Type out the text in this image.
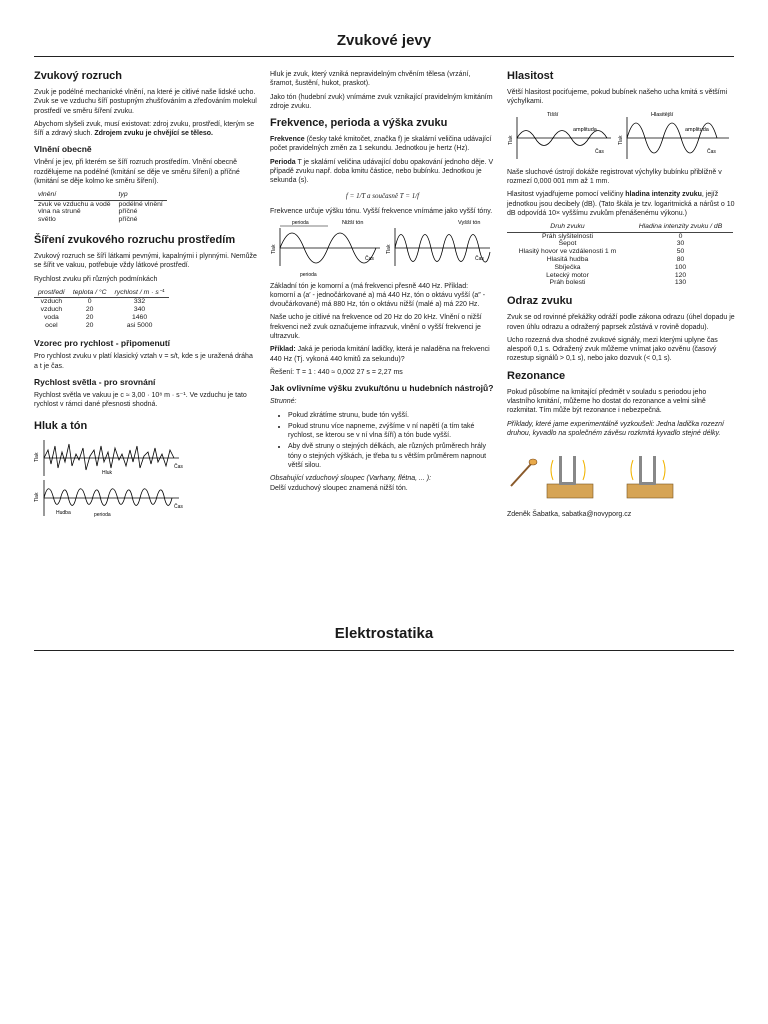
Zvukové jevy
Zvukový rozruch

Zvuk je podélné mechanické vlnění, na které je citlivé naše lidské ucho. Zvuk se ve vzduchu šíří postupným zhušťováním a zřeďováním molekul prostředí ve směru šíření zvuku.

Abychom slyšeli zvuk, musí existovat: zdroj zvuku, prostředí, kterým se šíří a zdravý sluch. Zdrojem zvuku je chvějící se těleso.

Vlnění obecně

Vlnění je jev, při kterém se šíří rozruch prostředím. Vlnění obecně rozdělujeme na podélné (kmitání se děje ve směru šíření) a příčné (kmitání se děje kolmo ke směru šíření).

vlnění	typ
zvuk ve vzduchu a vodě	podélné vlnění
vlna na struně	příčné
světlo	příčné
Šíření zvukového rozruchu prostředím

Zvukový rozruch se šíří látkami pevnými, kapalnými i plynnými. Nemůže se šířit ve vakuu, potřebuje vždy látkové prostředí.

Rychlost zvuku při různých podmínkách

prostředí	teplota / °C	rychlost / m · s⁻¹
vzduch	0	332
vzduch	20	340
voda	20	1460
ocel	20	asi 5000
Vzorec pro rychlost - připomenutí

Pro rychlost zvuku v platí klasický vztah v = s/t, kde s je uražená dráha a t je čas.

Rychlost světla - pro srovnání

Rychlost světla ve vakuu je c ≈ 3,00 · 10⁸ m · s⁻¹. Ve vzduchu je tato rychlost v rámci dané přesnosti shodná.

Hluk a tón
Tlak
Čas
Hluk
Tlak
Čas
Hudba	perioda

Hluk je zvuk, který vzniká nepravidelným chvěním tělesa (vrzání, šramot, šustění, hukot, praskot).

Jako tón (hudební zvuk) vnímáme zvuk vznikající pravidelným kmitáním zdroje zvuku.

Frekvence, perioda a výška zvuku

Frekvence (česky také kmitočet, značka f) je skalární veličina udávající počet pravidelných změn za 1 sekundu. Jednotkou je hertz (Hz).

Perioda T je skalární veličina udávající dobu opakování jednoho děje. V případě zvuku např. doba kmitu částice, nebo bubínku. Jednotkou je sekunda (s).

f = 1/T a současně T = 1/f

Frekvence určuje výšku tónu. Vyšší frekvence vnímáme jako vyšší tóny.

perioda	Nižší tón
Tlak
Čas
perioda
Vyšší tón
Tlak
Čas

Základní tón je komorní a (má frekvenci přesně 440 Hz. Příklad: komorní a (a′ - jednočárkované a) má 440 Hz, tón o oktávu vyšší (a″ - dvoučárkované) má 880 Hz, tón o oktávu nižší (malé a) má 220 Hz.

Naše ucho je citlivé na frekvence od 20 Hz do 20 kHz. Vlnění o nižší frekvenci než zvuk označujeme infrazvuk, vlnění o vyšší frekvenci je ultrazvuk.

Příklad: Jaká je perioda kmitání ladičky, která je naladěna na frekvenci 440 Hz (Tj. vykoná 440 kmitů za sekundu)?

Řešení: T = 1 : 440 ≈ 0,002 27 s = 2,27 ms

Jak ovlivníme výšku zvuku/tónu u hudebních nástrojů?

Strunné:

• Pokud zkrátíme strunu, bude tón vyšší.
• Pokud strunu více napneme, zvýšíme v ní napětí (a tím také rychlost, se kterou se v ní vlna šíří) a tón bude vyšší.
• Aby dvě struny o stejných délkách, ale různých průměrech hrály tóny o stejných výškách, je třeba tu s větším průměrem napnout větší silou.

Obsahující vzduchový sloupec (Varhany, flétna, ... ):

Delší vzduchový sloupec znamená nižší tón.

Hlasitost

Větší hlasitost pociťujeme, pokud bubínek našeho ucha kmitá s většími výchylkami.

Tišší
amplituda
Tlak
Čas
Hlasitější
amplituda
Tlak
Čas

Naše sluchové ústrojí dokáže registrovat výchylky bubínku přibližně v rozmezí 0,000 001 mm až 1 mm.

Hlasitost vyjadřujeme pomocí veličiny hladina intenzity zvuku, jejíž jednotkou jsou decibely (dB). (Tato škála je tzv. logaritmická a nárůst o 10 dB odpovídá 10× vyššímu zvukům přenášenému výkonu.)

Druh zvuku	Hladina intenzity zvuku / dB
Práh slyšitelnosti	0
Šepot	30
Hlasitý hovor ve vzdálenosti 1 m	50
Hlasitá hudba	80
Sbíječka	100
Letecký motor	120
Práh bolesti	130
Odraz zvuku

Zvuk se od rovinné překážky odráží podle zákona odrazu (úhel dopadu je roven úhlu odrazu a odražený paprsek zůstává v rovině dopadu).

Ucho rozezná dva shodné zvukové signály, mezi kterými uplyne čas alespoň 0,1 s. Odražený zvuk můžeme vnímat jako ozvěnu (časový rozestup signálů > 0,1 s), nebo jako dozvuk (< 0,1 s).

Rezonance

Pokud působíme na kmitající předmět v souladu s periodou jeho vlastního kmitání, můžeme ho dostat do rezonance a velmi silně rozkmitat. Tím může být rezonance i nebezpečná.

Příklady, které jame experimentálně vyzkoušeli: Jedna ladička rozezní druhou, kyvadlo na společném závěsu rozkmitá kyvadlo stejné délky.

Zdeněk Šabatka, sabatka@novyporg.cz

Elektrostatika
